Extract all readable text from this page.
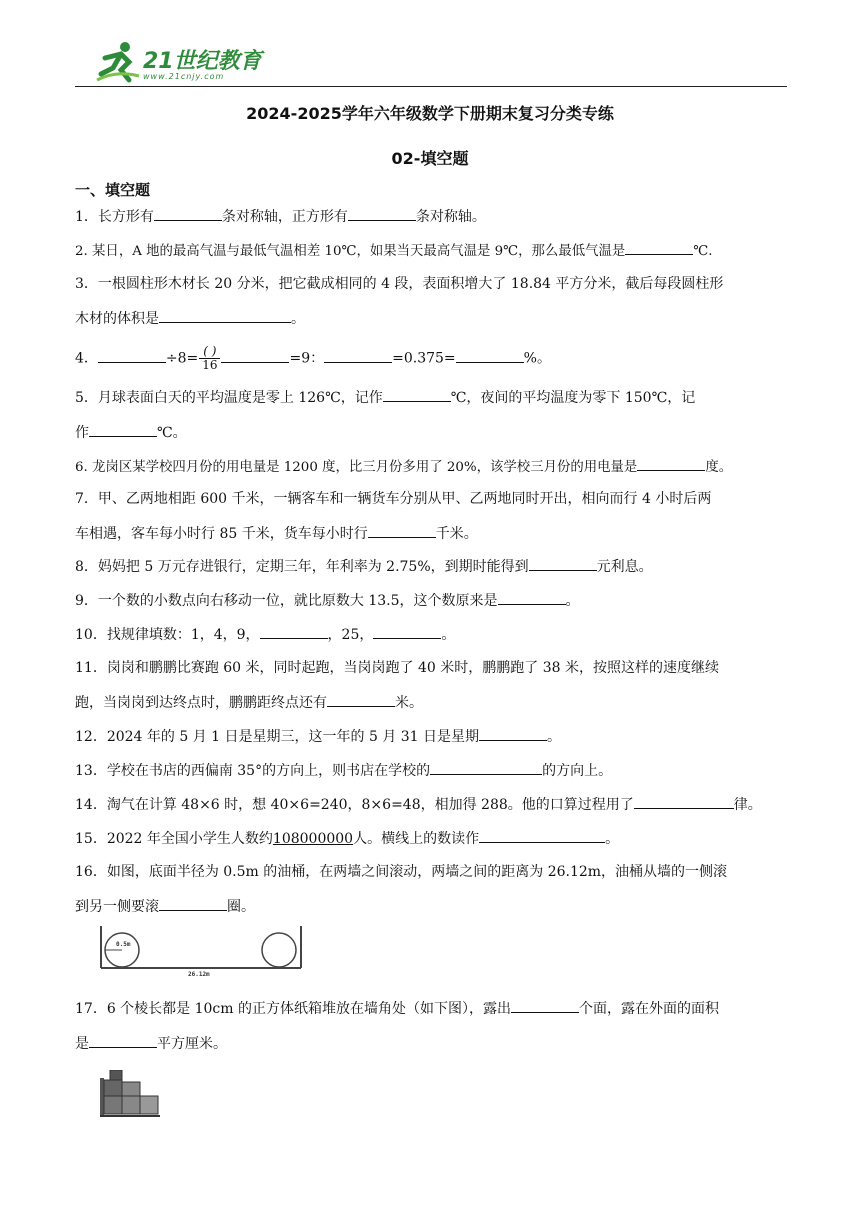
21世纪教育
www.21cnjy.com
2024-2025学年六年级数学下册期末复习分类专练
02-填空题
一、填空题
1．长方形有	条对称轴，正方形有	条对称轴。
2. 某日，A 地的最高气温与最低气温相差 10℃，如果当天最高气温是 9℃，那么最低气温是	℃.
3．一根圆柱形木材长 20 分米，把它截成相同的 4 段，表面积增大了 18.84 平方分米，截后每段圆柱形
木材的体积是	。
4．	$\div 8= \frac{( )}{16}$	=9：	=0.375=	%。
5．月球表面白天的平均温度是零上 126℃，记作	℃，夜间的平均温度为零下 150℃，记
作	℃。
6. 龙岗区某学校四月份的用电量是 1200 度，比三月份多用了 20%，该学校三月份的用电量是	度。
7．甲、乙两地相距 600 千米，一辆客车和一辆货车分别从甲、乙两地同时开出，相向而行 4 小时后两
车相遇，客车每小时行 85 千米，货车每小时行	千米。
8．妈妈把 5 万元存进银行，定期三年，年利率为 2.75%，到期时能得到	元利息。
9．一个数的小数点向右移动一位，就比原数大 13.5，这个数原来是	。
10．找规律填数：1，4，9，	，25，	。
11．岗岗和鹏鹏比赛跑 60 米，同时起跑，当岗岗跑了 40 米时，鹏鹏跑了 38 米，按照这样的速度继续
跑，当岗岗到达终点时，鹏鹏距终点还有	米。
12．2024 年的 5 月 1 日是星期三，这一年的 5 月 31 日是星期	。
13．学校在书店的西偏南 35°的方向上，则书店在学校的	的方向上。
14．淘气在计算 48×6 时，想 40×6=240，8×6=48，相加得 288。他的口算过程用了	律。
15．2022 年全国小学生人数约108000000人。横线上的数读作	。
16．如图，底面半径为 0.5m 的油桶，在两墙之间滚动，两墙之间的距离为 26.12m，油桶从墙的一侧滚
到另一侧要滚	圈。
0.5m
26.12m
17．6 个棱长都是 10cm 的正方体纸箱堆放在墙角处（如下图），露出	个面，露在外面的面积
是	平方厘米。
